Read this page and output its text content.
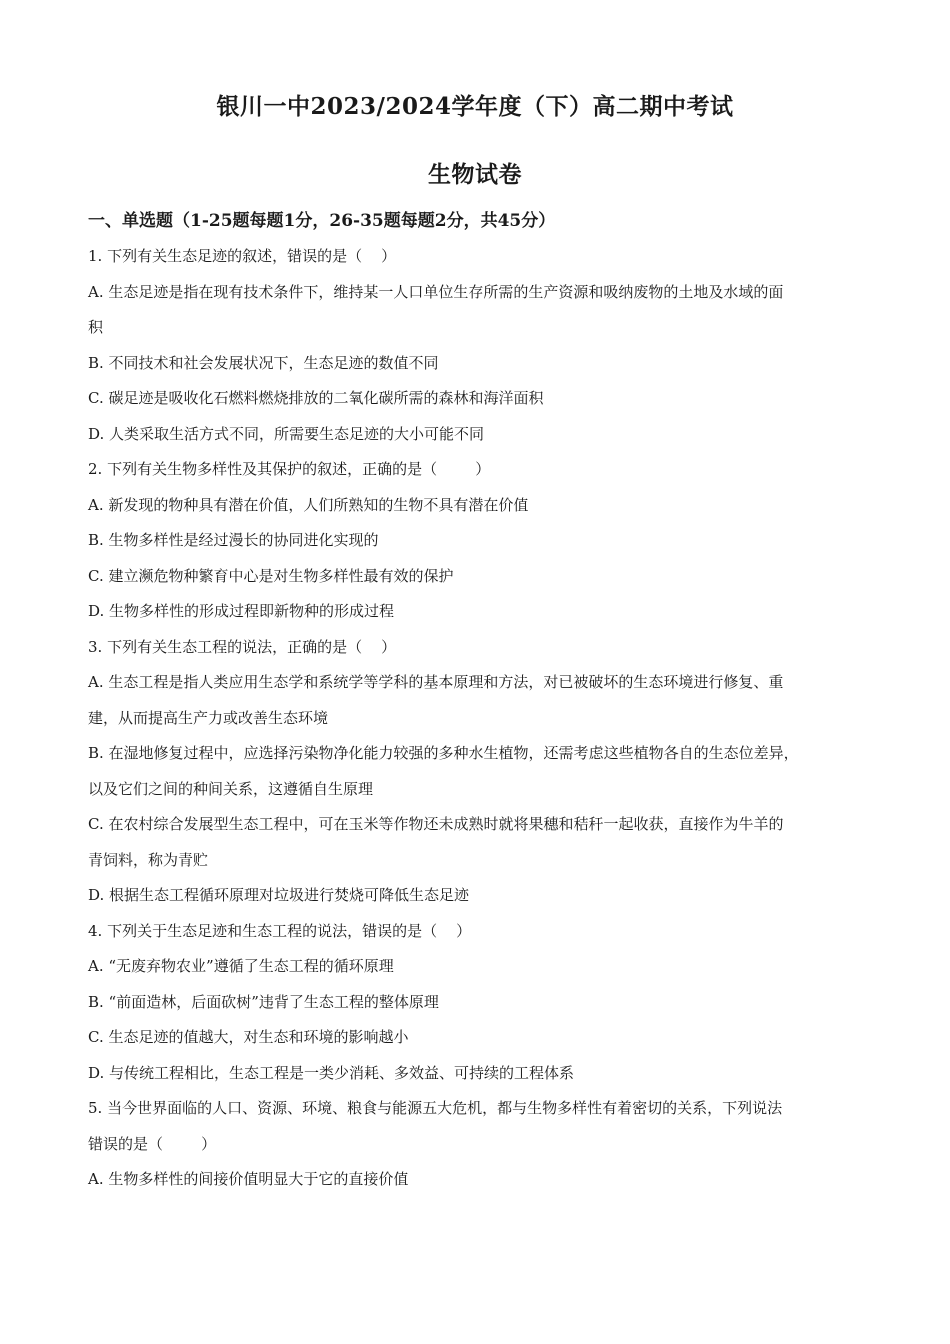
银川一中2023/2024学年度（下）高二期中考试
生物试卷
一、单选题（1-25题每题1分，26-35题每题2分，共45分）
1. 下列有关生态足迹的叙述，错误的是（    ）
A. 生态足迹是指在现有技术条件下，维持某一人口单位生存所需的生产资源和吸纳废物的土地及水域的面
积
B. 不同技术和社会发展状况下，生态足迹的数值不同
C. 碳足迹是吸收化石燃料燃烧排放的二氧化碳所需的森林和海洋面积
D. 人类采取生活方式不同，所需要生态足迹的大小可能不同
2. 下列有关生物多样性及其保护的叙述，正确的是（        ）
A. 新发现的物种具有潜在价值，人们所熟知的生物不具有潜在价值
B. 生物多样性是经过漫长的协同进化实现的
C. 建立濒危物种繁育中心是对生物多样性最有效的保护
D. 生物多样性的形成过程即新物种的形成过程
3. 下列有关生态工程的说法，正确的是（    ）
A. 生态工程是指人类应用生态学和系统学等学科的基本原理和方法，对已被破坏的生态环境进行修复、重
建，从而提高生产力或改善生态环境
B. 在湿地修复过程中，应选择污染物净化能力较强的多种水生植物，还需考虑这些植物各自的生态位差异，
以及它们之间的种间关系，这遵循自生原理
C. 在农村综合发展型生态工程中，可在玉米等作物还未成熟时就将果穗和秸秆一起收获，直接作为牛羊的
青饲料，称为青贮
D. 根据生态工程循环原理对垃圾进行焚烧可降低生态足迹
4. 下列关于生态足迹和生态工程的说法，错误的是（    ）
A. “无废弃物农业”遵循了生态工程的循环原理
B. “前面造林，后面砍树”违背了生态工程的整体原理
C. 生态足迹的值越大，对生态和环境的影响越小
D. 与传统工程相比，生态工程是一类少消耗、多效益、可持续的工程体系
5. 当今世界面临的人口、资源、环境、粮食与能源五大危机，都与生物多样性有着密切的关系，下列说法
错误的是（        ）
A. 生物多样性的间接价值明显大于它的直接价值
